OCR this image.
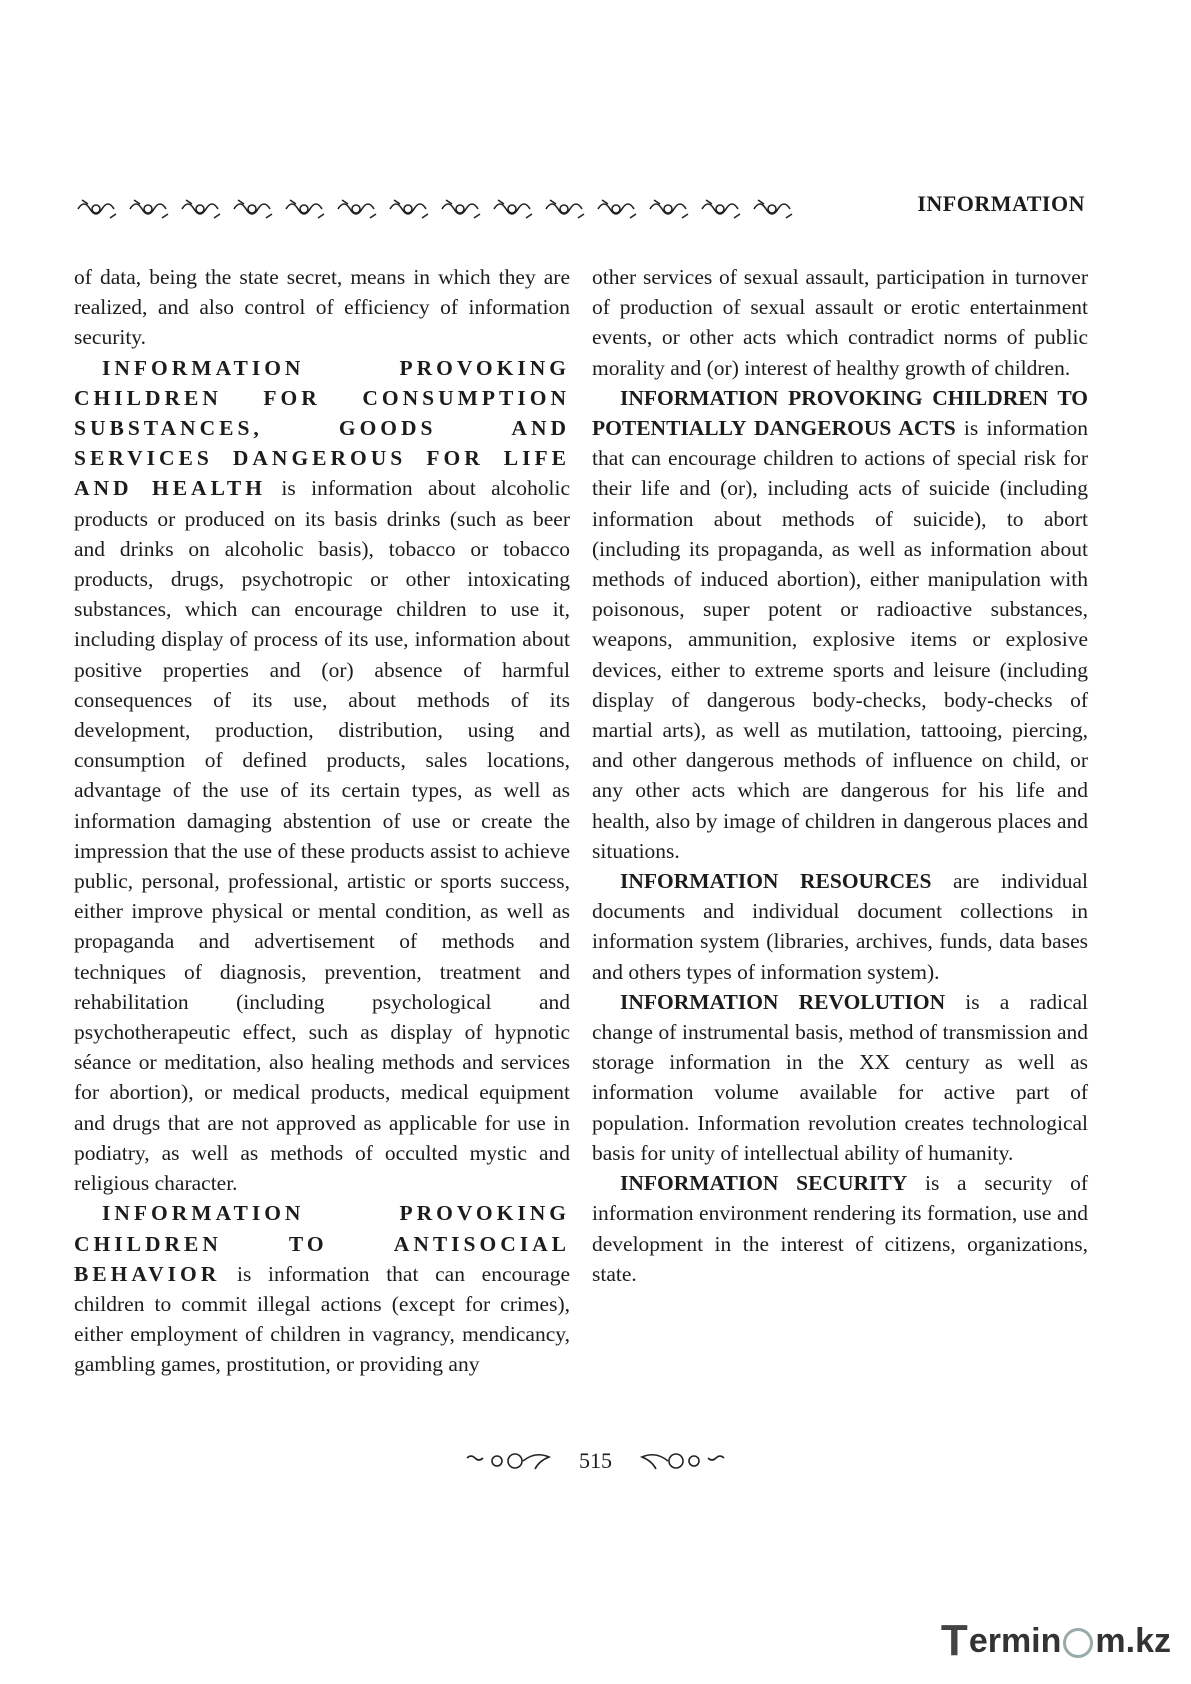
INFORMATION

of data, being the state secret, means in which they are realized, and also control of efficiency of information security.

INFORMATION PROVOKING CHILDREN FOR CONSUMPTION SUBSTANCES, GOODS AND SERVICES DANGEROUS FOR LIFE AND HEALTH is information about alcoholic products or produced on its basis drinks (such as beer and drinks on alcoholic basis), tobacco or tobacco products, drugs, psychotropic or other intoxicating substances, which can encourage children to use it, including display of process of its use, information about positive properties and (or) absence of harmful consequences of its use, about methods of its development, production, distribution, using and consumption of defined products, sales locations, advantage of the use of its certain types, as well as information damaging abstention of use or create the impression that the use of these products assist to achieve public, personal, professional, artistic or sports success, either improve physical or mental condition, as well as propaganda and advertisement of methods and techniques of diagnosis, prevention, treatment and rehabilitation (including psychological and psychotherapeutic effect, such as display of hypnotic séance or meditation, also healing methods and services for abortion), or medical products, medical equipment and drugs that are not approved as applicable for use in podiatry, as well as methods of occulted mystic and religious character.

INFORMATION PROVOKING CHILDREN TO ANTISOCIAL BEHAVIOR is information that can encourage children to commit illegal actions (except for crimes), either employment of children in vagrancy, mendicancy, gambling games, prostitution, or providing any

other services of sexual assault, participation in turnover of production of sexual assault or erotic entertainment events, or other acts which contradict norms of public morality and (or) interest of healthy growth of children.

INFORMATION PROVOKING CHILDREN TO POTENTIALLY DANGEROUS ACTS is information that can encourage children to actions of special risk for their life and (or), including acts of suicide (including information about methods of suicide), to abort (including its propaganda, as well as information about methods of induced abortion), either manipulation with poisonous, super potent or radioactive substances, weapons, ammunition, explosive items or explosive devices, either to extreme sports and leisure (including display of dangerous body-checks, body-checks of martial arts), as well as mutilation, tattooing, piercing, and other dangerous methods of influence on child, or any other acts which are dangerous for his life and health, also by image of children in dangerous places and situations.

INFORMATION RESOURCES are individual documents and individual document collections in information system (libraries, archives, funds, data bases and others types of information system).

INFORMATION REVOLUTION is a radical change of instrumental basis, method of transmission and storage information in the XX century as well as information volume available for active part of population. Information revolution creates technological basis for unity of intellectual ability of humanity.

INFORMATION SECURITY is a security of information environment rendering its formation, use and development in the interest of citizens, organizations, state.

515
T ermin m.kz
